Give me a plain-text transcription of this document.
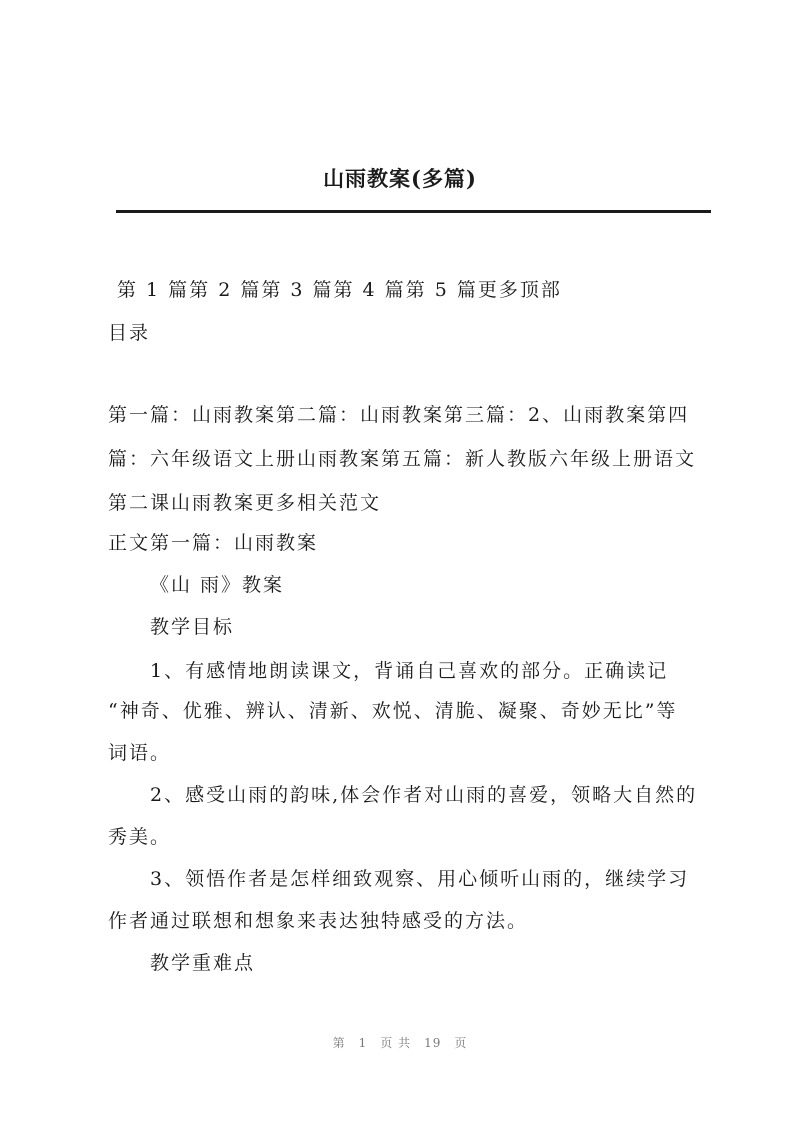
山雨教案(多篇)
第 1 篇第 2 篇第 3 篇第 4 篇第 5 篇更多顶部
目录
第一篇：山雨教案第二篇：山雨教案第三篇：2、山雨教案第四
篇：六年级语文上册山雨教案第五篇：新人教版六年级上册语文
第二课山雨教案更多相关范文
正文第一篇：山雨教案
《山 雨》教案
教学目标
1、有感情地朗读课文，背诵自己喜欢的部分。正确读记
“神奇、优雅、辨认、清新、欢悦、清脆、凝聚、奇妙无比”等
词语。
2、感受山雨的韵味,体会作者对山雨的喜爱，领略大自然的
秀美。
3、领悟作者是怎样细致观察、用心倾听山雨的，继续学习
作者通过联想和想象来表达独特感受的方法。
教学重难点
第　1　页 共　19　页
